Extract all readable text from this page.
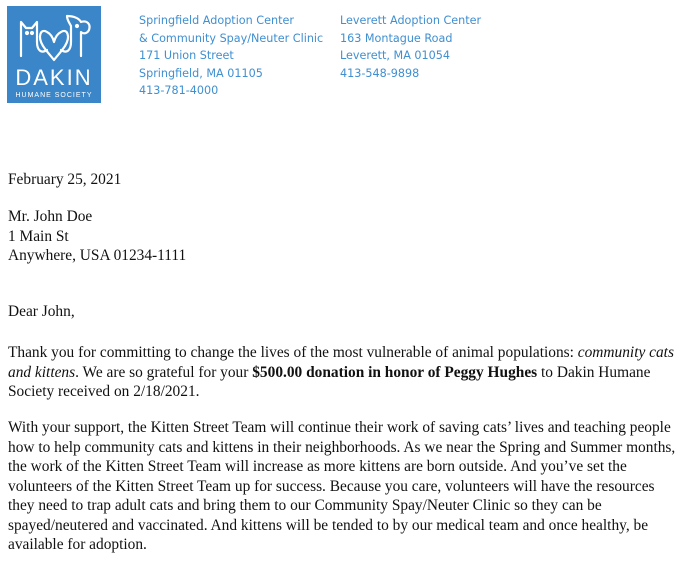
DAKIN
HUMANE SOCIETY
Springfield Adoption Center
& Community Spay/Neuter Clinic
171 Union Street
Springfield, MA 01105
413-781-4000
Leverett Adoption Center
163 Montague Road
Leverett, MA 01054
413-548-9898
February 25, 2021
Mr. John Doe
1 Main St
Anywhere, USA 01234-1111
Dear John,

Thank you for committing to change the lives of the most vulnerable of animal populations: community cats and kittens. We are so grateful for your $500.00 donation in honor of Peggy Hughes to Dakin Humane Society received on 2/18/2021.

With your support, the Kitten Street Team will continue their work of saving cats’ lives and teaching people how to help community cats and kittens in their neighborhoods. As we near the Spring and Summer months, the work of the Kitten Street Team will increase as more kittens are born outside. And you’ve set the volunteers of the Kitten Street Team up for success. Because you care, volunteers will have the resources they need to trap adult cats and bring them to our Community Spay/Neuter Clinic so they can be spayed/neutered and vaccinated. And kittens will be tended to by our medical team and once healthy, be available for adoption.
